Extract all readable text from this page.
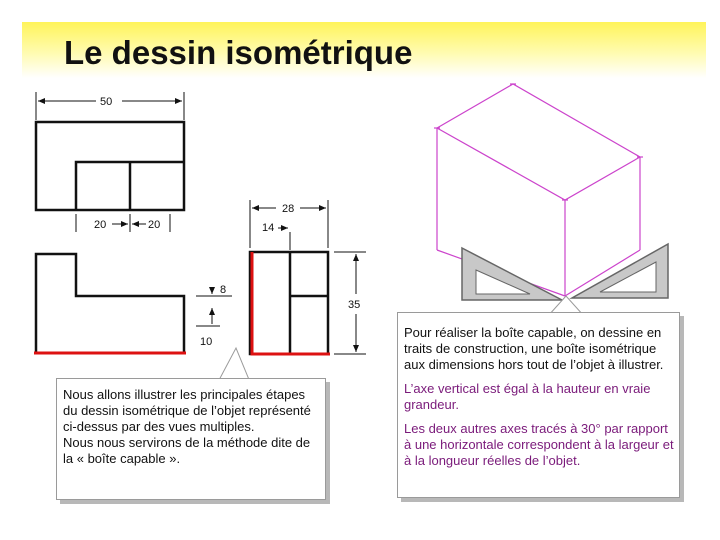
Le dessin isométrique
50
20	20
28
14
8
35
10

Nous allons illustrer les principales étapes du dessin isométrique de l’objet représenté ci-dessus par des vues multiples.

Nous nous servirons de la méthode dite de la « boîte capable ».

Pour réaliser la boîte capable, on dessine en traits de construction, une boîte isométrique aux dimensions hors tout de l’objet à illustrer.

L’axe vertical est égal à la hauteur en vraie grandeur.

Les deux autres axes tracés à 30° par rapport à une horizontale correspondent à la largeur et à la longueur réelles de l’objet.
